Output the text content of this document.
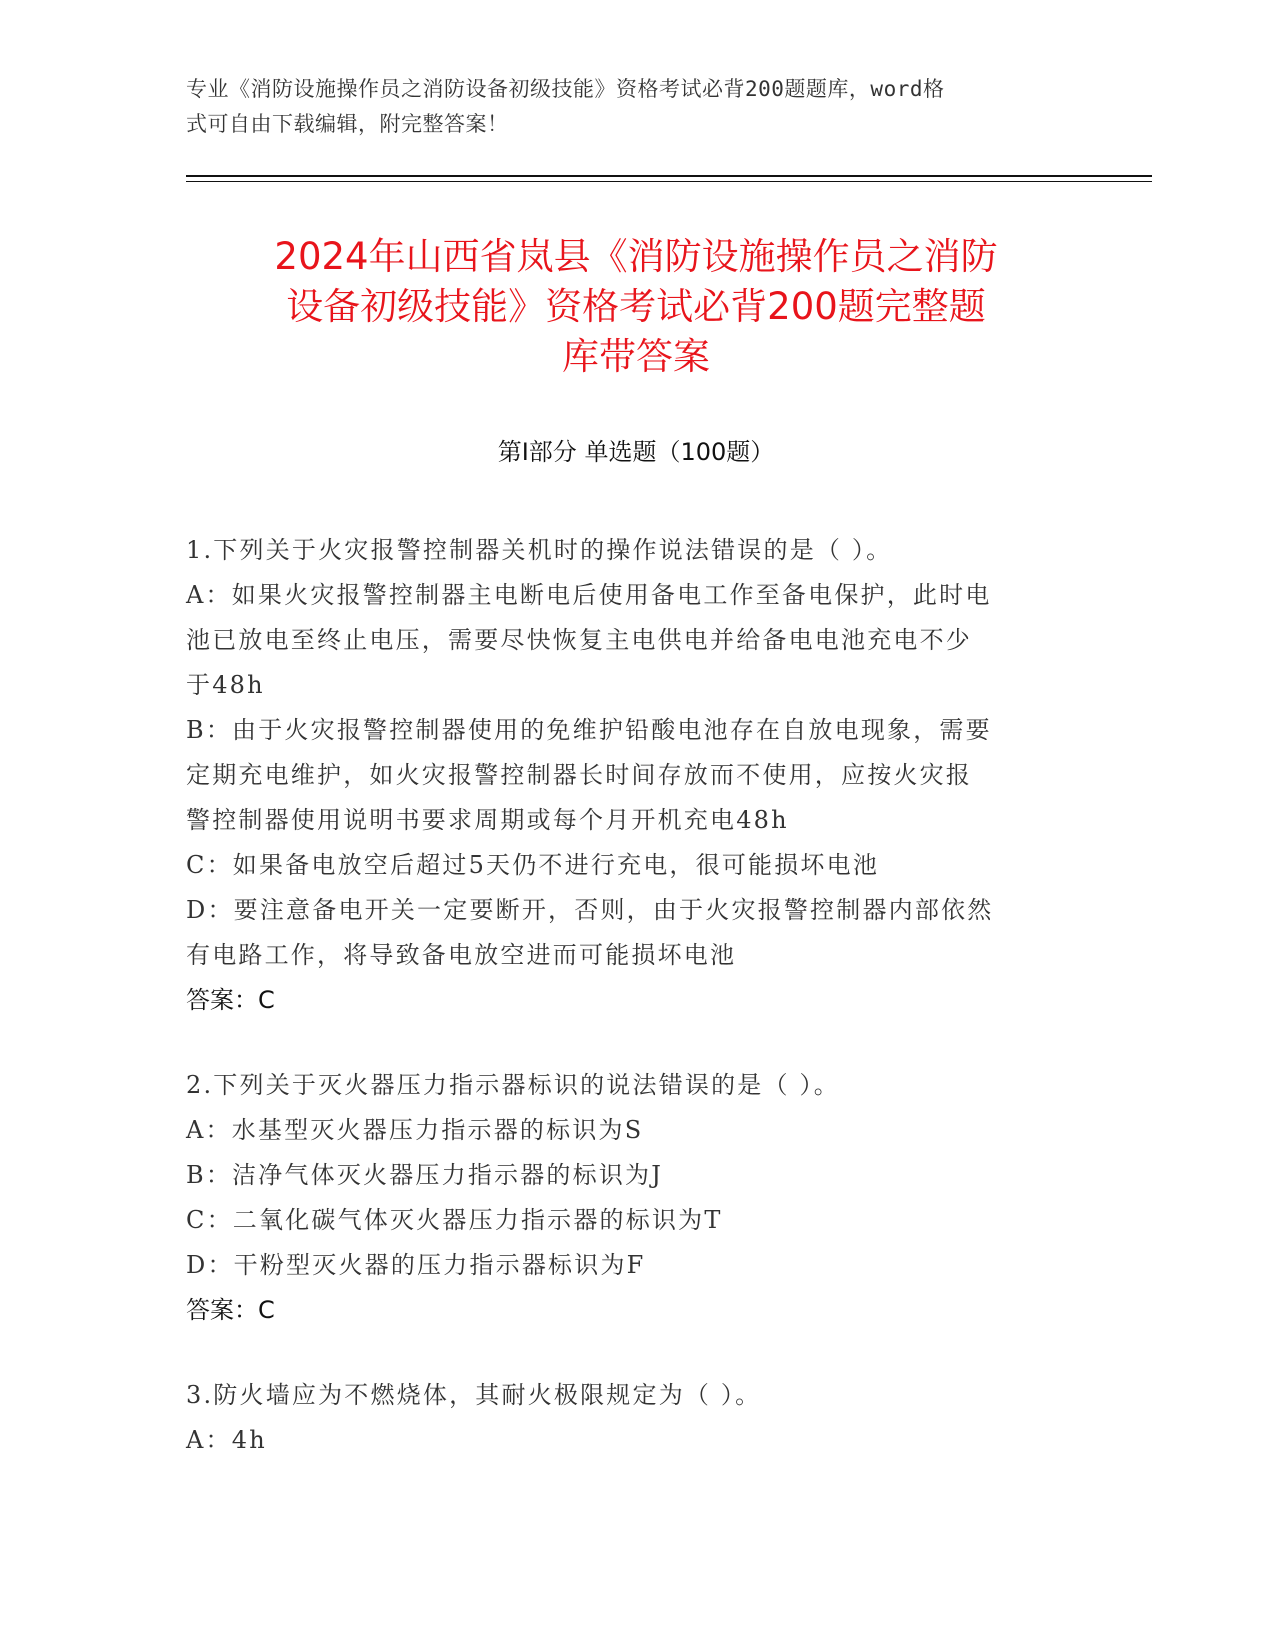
专业《消防设施操作员之消防设备初级技能》资格考试必背200题题库，word格
式可自由下载编辑，附完整答案！
2024年山西省岚县《消防设施操作员之消防
设备初级技能》资格考试必背200题完整题
库带答案
第Ⅰ部分 单选题（100题）

1.下列关于火灾报警控制器关机时的操作说法错误的是（ ）。

A：如果火灾报警控制器主电断电后使用备电工作至备电保护，此时电

池已放电至终止电压，需要尽快恢复主电供电并给备电电池充电不少

于48h

B：由于火灾报警控制器使用的免维护铅酸电池存在自放电现象，需要

定期充电维护，如火灾报警控制器长时间存放而不使用，应按火灾报

警控制器使用说明书要求周期或每个月开机充电48h

C：如果备电放空后超过5天仍不进行充电，很可能损坏电池

D：要注意备电开关一定要断开，否则，由于火灾报警控制器内部依然

有电路工作，将导致备电放空进而可能损坏电池

答案：C

2.下列关于灭火器压力指示器标识的说法错误的是（ ）。

A：水基型灭火器压力指示器的标识为S

B：洁净气体灭火器压力指示器的标识为J

C：二氧化碳气体灭火器压力指示器的标识为T

D：干粉型灭火器的压力指示器标识为F

答案：C

3.防火墙应为不燃烧体，其耐火极限规定为（ ）。

A：4h
